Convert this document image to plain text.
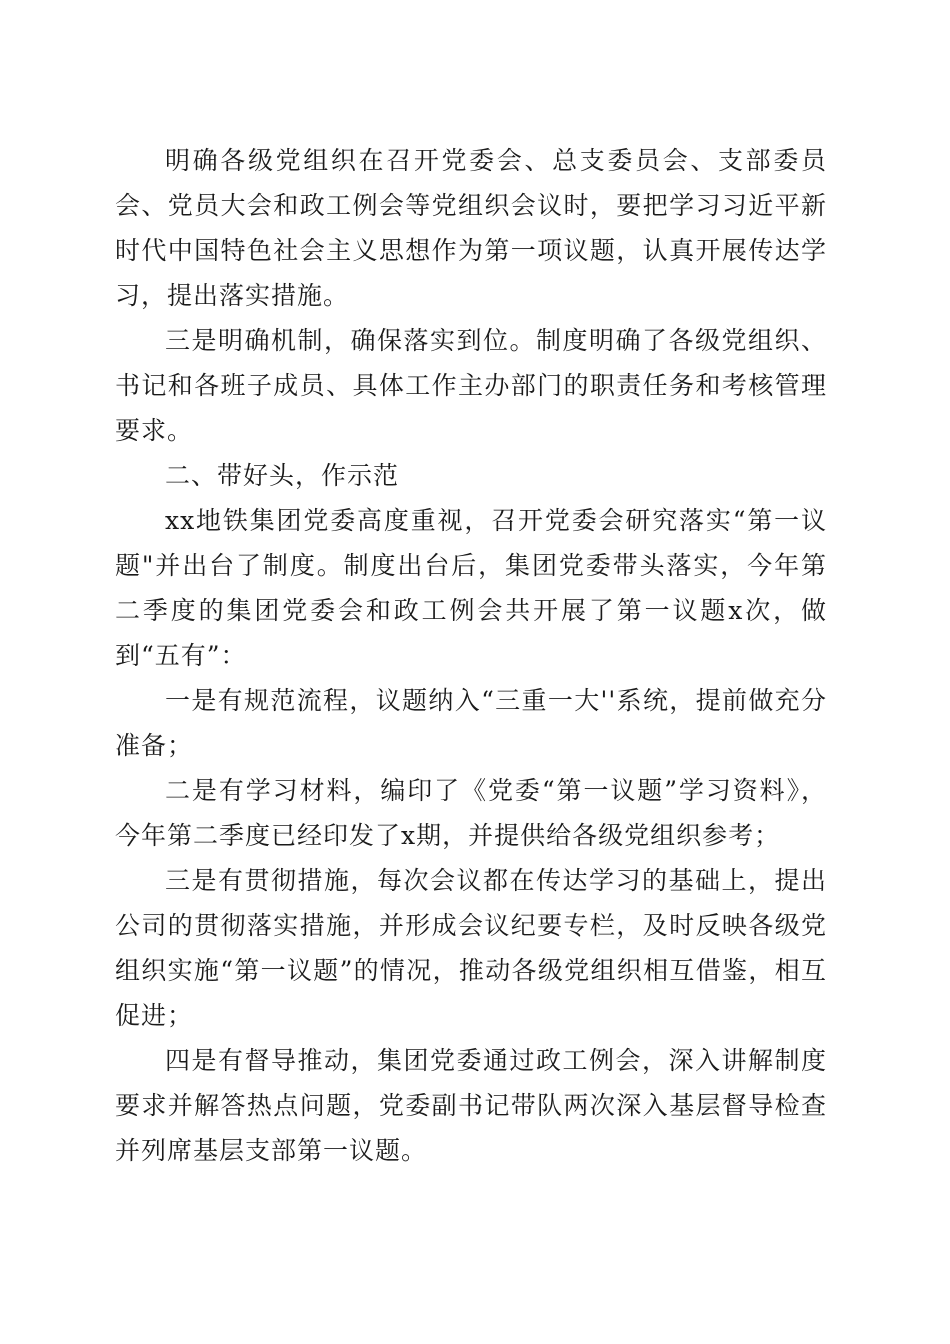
明确各级党组织在召开党委会、总支委员会、支部委员会、党员大会和政工例会等党组织会议时，要把学习习近平新时代中国特色社会主义思想作为第一项议题，认真开展传达学习，提出落实措施。

三是明确机制，确保落实到位。制度明确了各级党组织、书记和各班子成员、具体工作主办部门的职责任务和考核管理要求。

二、带好头，作示范

xx地铁集团党委高度重视，召开党委会研究落实“第一议题"并出台了制度。制度出台后，集团党委带头落实，今年第二季度的集团党委会和政工例会共开展了第一议题x次，做到“五有”：

一是有规范流程，议题纳入“三重一大''系统，提前做充分准备；

二是有学习材料，编印了《党委“第一议题”学习资料》，今年第二季度已经印发了x期，并提供给各级党组织参考；

三是有贯彻措施，每次会议都在传达学习的基础上，提出公司的贯彻落实措施，并形成会议纪要专栏，及时反映各级党组织实施“第一议题”的情况，推动各级党组织相互借鉴，相互促进；

四是有督导推动，集团党委通过政工例会，深入讲解制度要求并解答热点问题，党委副书记带队两次深入基层督导检查并列席基层支部第一议题。
